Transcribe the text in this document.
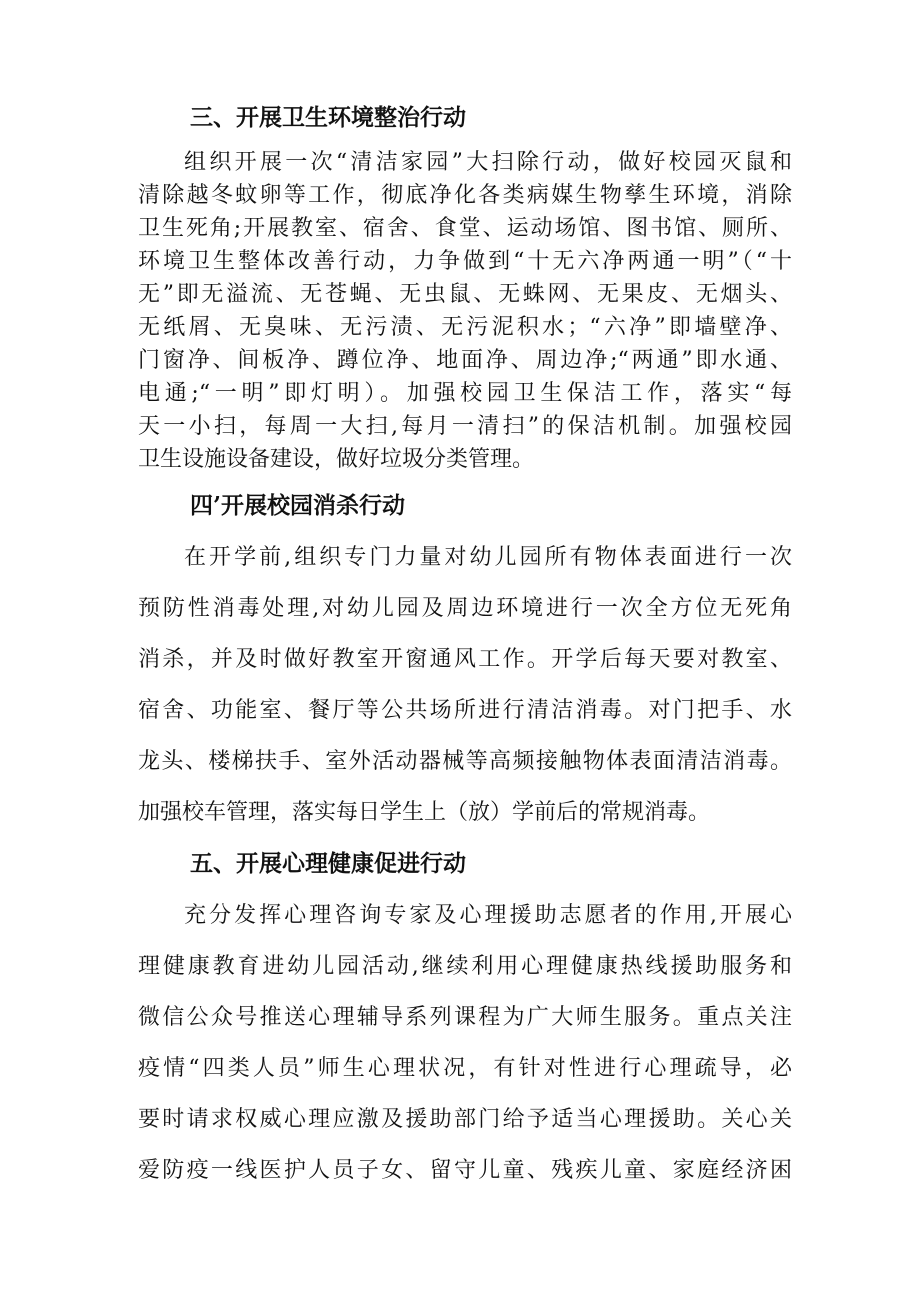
三、开展卫生环境整治行动

组织开展一次“清洁家园”大扫除行动，做好校园灭鼠和
清除越冬蚊卵等工作，彻底净化各类病媒生物孳生环境，消除
卫生死角;开展教室、宿舍、食堂、运动场馆、图书馆、厕所、
环境卫生整体改善行动，力争做到“十无六净两通一明”（“十
无”即无溢流、无苍蝇、无虫鼠、无蛛网、无果皮、无烟头、
无纸屑、无臭味、无污渍、无污泥积水；“六净”即墙壁净、
门窗净、间板净、蹲位净、地面净、周边净;“两通”即水通、
电通;“一明”即灯明）。加强校园卫生保洁工作，落实“每
天一小扫，每周一大扫,每月一清扫”的保洁机制。加强校园
卫生设施设备建设，做好垃圾分类管理。

四’开展校园消杀行动

在开学前,组织专门力量对幼儿园所有物体表面进行一次
预防性消毒处理,对幼儿园及周边环境进行一次全方位无死角
消杀，并及时做好教室开窗通风工作。开学后每天要对教室、
宿舍、功能室、餐厅等公共场所进行清洁消毒。对门把手、水
龙头、楼梯扶手、室外活动器械等高频接触物体表面清洁消毒。
加强校车管理，落实每日学生上（放）学前后的常规消毒。

五、开展心理健康促进行动

充分发挥心理咨询专家及心理援助志愿者的作用,开展心
理健康教育进幼儿园活动,继续利用心理健康热线援助服务和
微信公众号推送心理辅导系列课程为广大师生服务。重点关注
疫情“四类人员”师生心理状况，有针对性进行心理疏导，必
要时请求权威心理应激及援助部门给予适当心理援助。关心关
爱防疫一线医护人员子女、留守儿童、残疾儿童、家庭经济困
